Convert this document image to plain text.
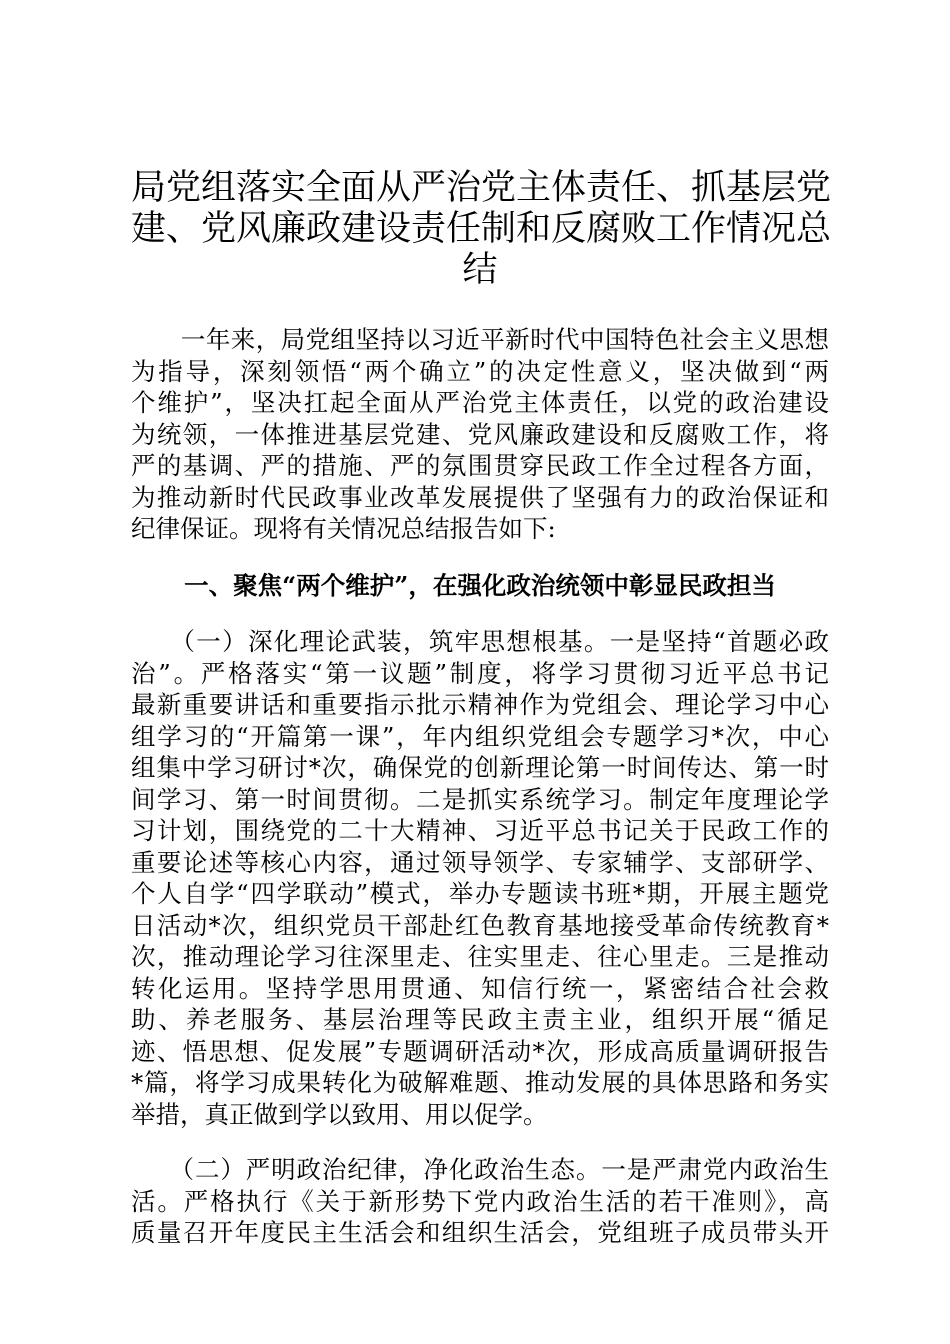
局党组落实全面从严治党主体责任、抓基层党
建、党风廉政建设责任制和反腐败工作情况总
结
　　一年来，局党组坚持以习近平新时代中国特色社会主义思想
为指导，深刻领悟“两个确立”的决定性意义，坚决做到“两
个维护”，坚决扛起全面从严治党主体责任，以党的政治建设
为统领，一体推进基层党建、党风廉政建设和反腐败工作，将
严的基调、严的措施、严的氛围贯穿民政工作全过程各方面，
为推动新时代民政事业改革发展提供了坚强有力的政治保证和
纪律保证。现将有关情况总结报告如下:
一、聚焦“两个维护”，在强化政治统领中彰显民政担当
　　（一）深化理论武装，筑牢思想根基。一是坚持“首题必政
治”。严格落实“第一议题”制度，将学习贯彻习近平总书记
最新重要讲话和重要指示批示精神作为党组会、理论学习中心
组学习的“开篇第一课”，年内组织党组会专题学习*次，中心
组集中学习研讨*次，确保党的创新理论第一时间传达、第一时
间学习、第一时间贯彻。二是抓实系统学习。制定年度理论学
习计划，围绕党的二十大精神、习近平总书记关于民政工作的
重要论述等核心内容，通过领导领学、专家辅学、支部研学、
个人自学“四学联动”模式，举办专题读书班*期，开展主题党
日活动*次，组织党员干部赴红色教育基地接受革命传统教育*
次，推动理论学习往深里走、往实里走、往心里走。三是推动
转化运用。坚持学思用贯通、知信行统一，紧密结合社会救
助、养老服务、基层治理等民政主责主业，组织开展“循足
迹、悟思想、促发展”专题调研活动*次，形成高质量调研报告
*篇，将学习成果转化为破解难题、推动发展的具体思路和务实
举措，真正做到学以致用、用以促学。
　　（二）严明政治纪律，净化政治生态。一是严肃党内政治生
活。严格执行《关于新形势下党内政治生活的若干准则》，高
质量召开年度民主生活会和组织生活会，党组班子成员带头开
